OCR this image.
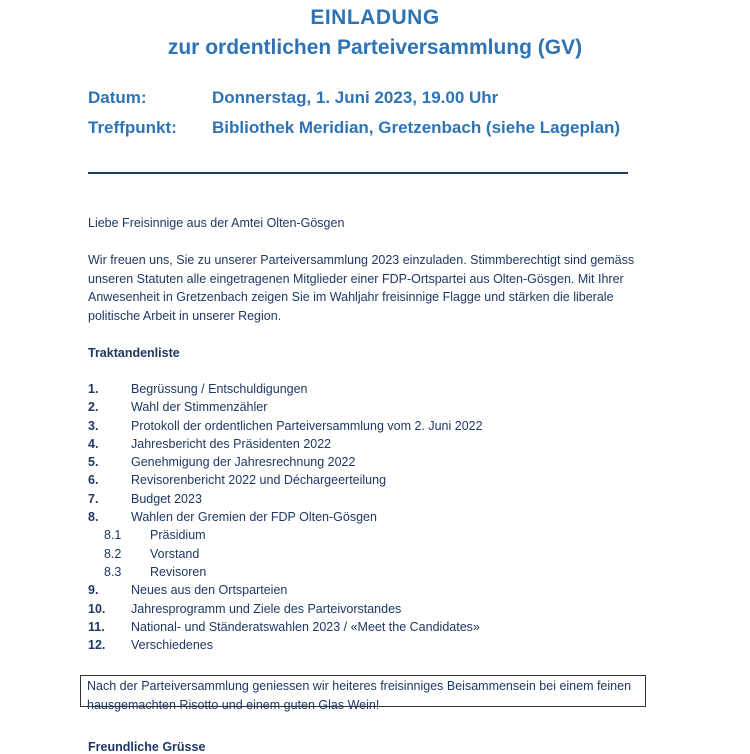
EINLADUNG
zur ordentlichen Parteiversammlung (GV)
Datum:	Donnerstag, 1. Juni 2023, 19.00 Uhr
Treffpunkt: Bibliothek Meridian, Gretzenbach (siehe Lageplan)
Liebe Freisinnige aus der Amtei Olten-Gösgen
Wir freuen uns, Sie zu unserer Parteiversammlung 2023 einzuladen. Stimmberechtigt sind gemäss unseren Statuten alle eingetragenen Mitglieder einer FDP-Ortspartei aus Olten-Gösgen. Mit Ihrer Anwesenheit in Gretzenbach zeigen Sie im Wahljahr freisinnige Flagge und stärken die liberale politische Arbeit in unserer Region.
Traktandenliste
1.	Begrüssung / Entschuldigungen
2.	Wahl der Stimmenzähler
3.	Protokoll der ordentlichen Parteiversammlung vom 2. Juni 2022
4.	Jahresbericht des Präsidenten 2022
5.	Genehmigung der Jahresrechnung 2022
6.	Revisorenbericht 2022 und Déchargeerteilung
7.	Budget 2023
8.	Wahlen der Gremien der FDP Olten-Gösgen
8.1 Präsidium
8.2 Vorstand
8.3 Revisoren
9.	Neues aus den Ortsparteien
10. Jahresprogramm und Ziele des Parteivorstandes
11. National- und Ständeratswahlen 2023 / «Meet the Candidates»
12. Verschiedenes
Nach der Parteiversammlung geniessen wir heiteres freisinniges Beisammensein bei einem feinen hausgemachten Risotto und einem guten Glas Wein!
Freundliche Grüsse
